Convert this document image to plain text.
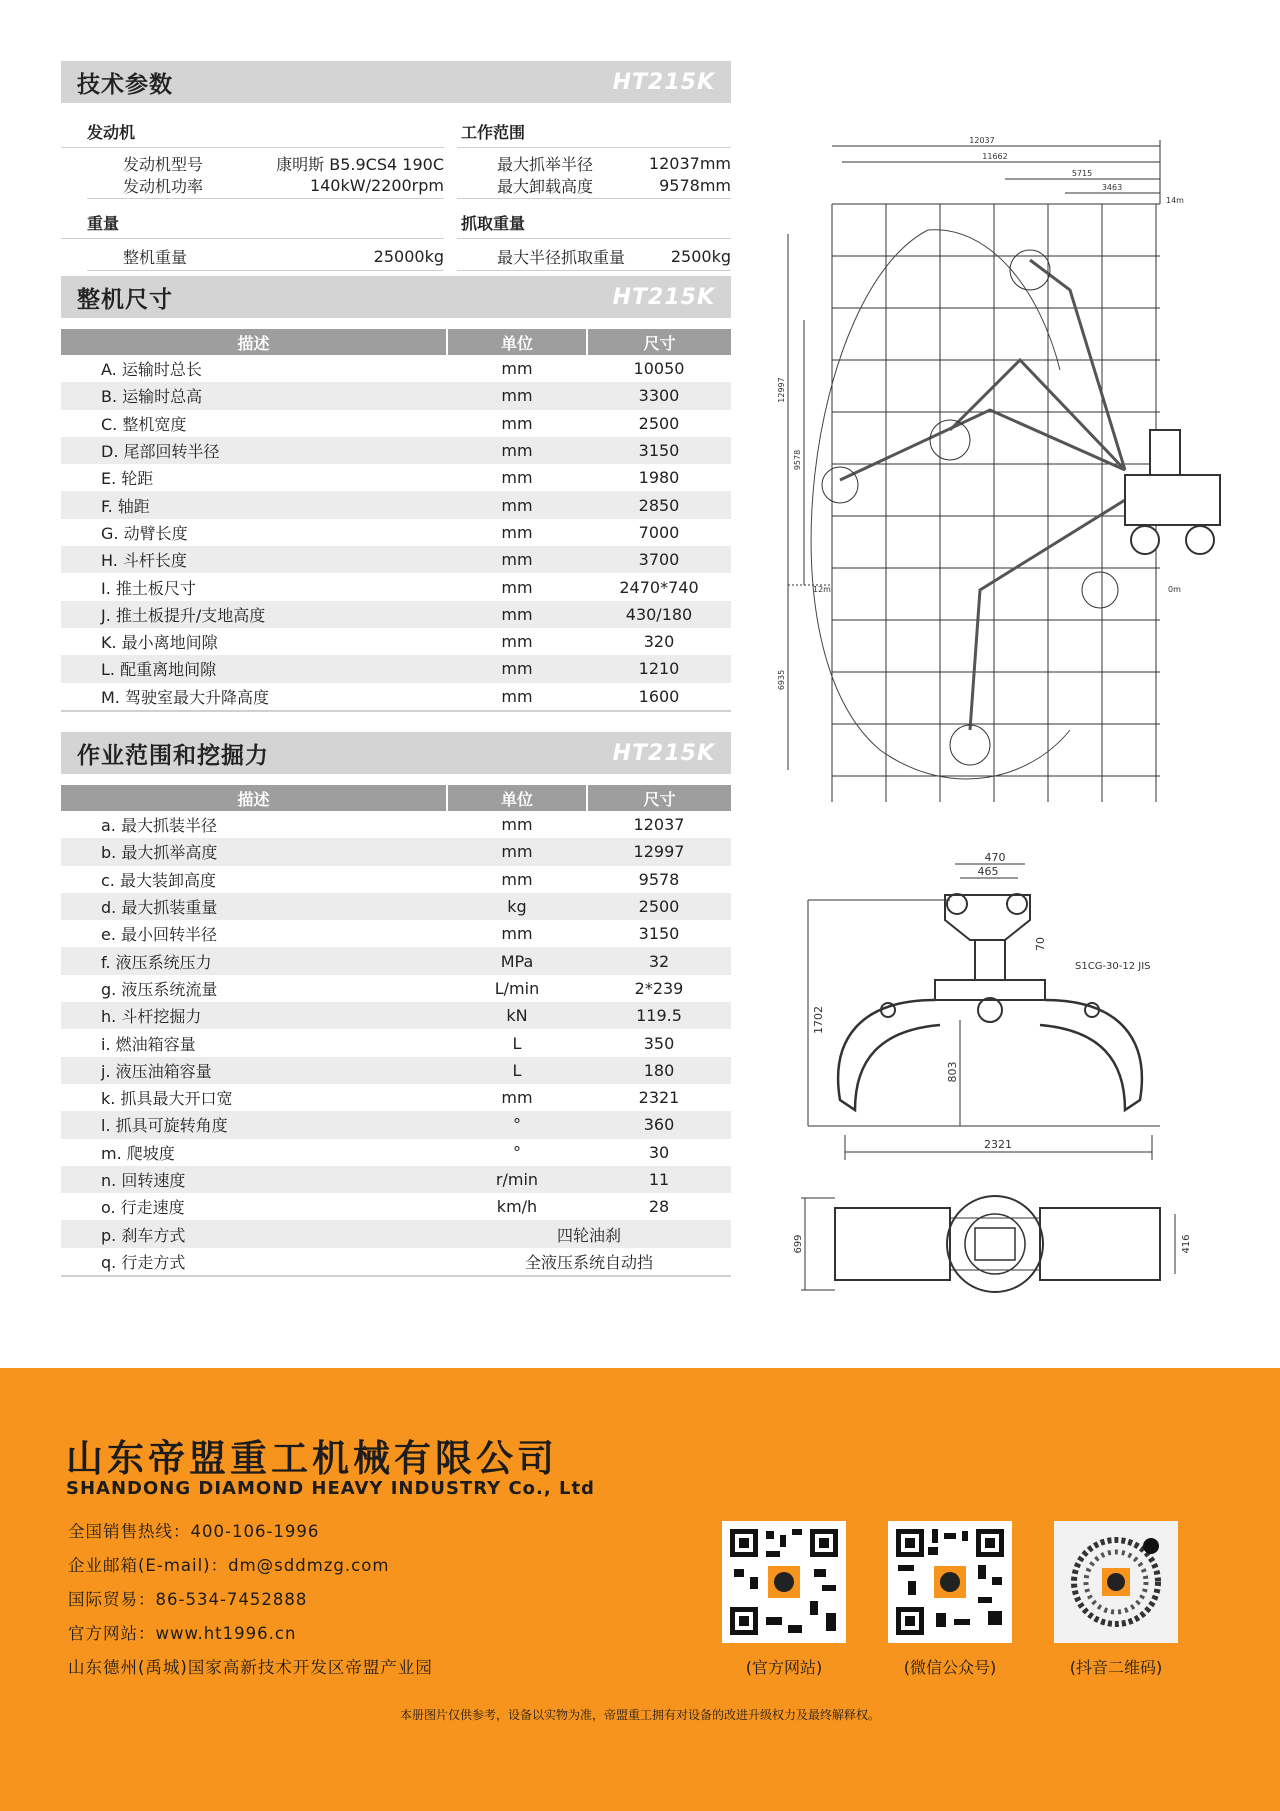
技术参数	HT215K
发动机
发动机型号	康明斯 B5.9CS4 190C
发动机功率	140kW/2200rpm
重量
整机重量	25000kg
工作范围
最大抓举半径	12037mm
最大卸载高度	9578mm
抓取重量
最大半径抓取重量	2500kg
整机尺寸	HT215K
描述	单位	尺寸
A. 运输时总长	mm	10050
B. 运输时总高	mm	3300
C. 整机宽度	mm	2500
D. 尾部回转半径	mm	3150
E. 轮距	mm	1980
F. 轴距	mm	2850
G. 动臂长度	mm	7000
H. 斗杆长度	mm	3700
I. 推土板尺寸	mm	2470*740
J. 推土板提升/支地高度	mm	430/180
K. 最小离地间隙	mm	320
L. 配重离地间隙	mm	1210
M. 驾驶室最大升降高度	mm	1600
作业范围和挖掘力	HT215K
描述	单位	尺寸
a. 最大抓装半径	mm	12037
b. 最大抓举高度	mm	12997
c. 最大装卸高度	mm	9578
d. 最大抓装重量	kg	2500
e. 最小回转半径	mm	3150
f. 液压系统压力	MPa	32
g. 液压系统流量	L/min	2*239
h. 斗杆挖掘力	kN	119.5
i. 燃油箱容量	L	350
j. 液压油箱容量	L	180
k. 抓具最大开口宽	mm	2321
l. 抓具可旋转角度	°	360
m. 爬坡度	°	30
n. 回转速度	r/min	11
o. 行走速度	km/h	28
p. 刹车方式	四轮油刹	
q. 行走方式	全液压系统自动挡	
12037
11662
5715
3463
14m
12997
9578
6935
12m	0m
470
465
70
1702
803
2321
S1CG-30-12 JIS
699	416
山东帝盟重工机械有限公司
SHANDONG DIAMOND HEAVY INDUSTRY Co., Ltd
全国销售热线：400-106-1996
企业邮箱(E-mail)：dm@sddmzg.com
国际贸易：86-534-7452888
官方网站：www.ht1996.cn
山东德州(禹城)国家高新技术开发区帝盟产业园	(官方网站)	(微信公众号)	(抖音二维码)
本册图片仅供参考，设备以实物为准，帝盟重工拥有对设备的改进升级权力及最终解释权。
